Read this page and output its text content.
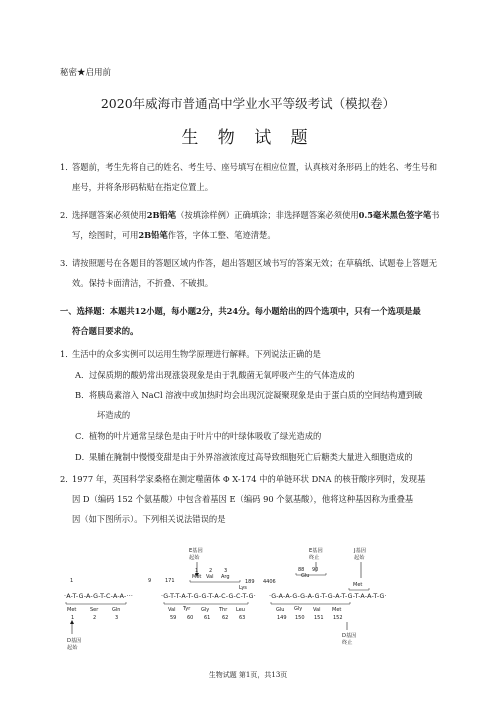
秘密★启用前
2020年威海市普通高中学业水平等级考试（模拟卷）
生 物 试 题
1．
答题前，考生先将自己的姓名、考生号、座号填写在相应位置，认真核对条形码上的姓名、考生号和座号，并将条形码粘贴在指定位置上。
2．
选择题答案必须使用2B铅笔（按填涂样例）正确填涂；非选择题答案必须使用0.5毫米黑色签字笔书写，绘图时，可用2B铅笔作答，字体工整、笔迹清楚。
3．
请按照题号在各题目的答题区域内作答，超出答题区域书写的答案无效；在草稿纸、试题卷上答题无效。保持卡面清洁，不折叠、不破损。
一、选择题：本题共12小题，每小题2分，共24分。每小题给出的四个选项中，只有一个选项是最
符合题目要求的。
1．
生活中的众多实例可以运用生物学原理进行解释。下列说法正确的是
A． 过保质期的酸奶常出现涨袋现象是由于乳酸菌无氧呼吸产生的气体造成的
B． 将胰岛素溶入 NaCl 溶液中或加热时均会出现沉淀凝聚现象是由于蛋白质的空间结构遭到破
坏造成的
C． 植物的叶片通常呈绿色是由于叶片中的叶绿体吸收了绿光造成的
D． 果脯在腌制中慢慢变甜是由于外界溶液浓度过高导致细胞死亡后糖类大量进入细胞造成的
2．
1977 年，英国科学家桑格在测定噬菌体 Φ X-174 中的单链环状 DNA 的核苷酸序列时，发现基
因 D（编码 152 个氨基酸）中包含着基因 E（编码 90 个氨基酸），他将这种基因称为重叠基
因（如下图所示）。下列相关说法错误的是
E基因
起始
E基因
终止
J基因
起始
1	9	171
1 2 3
189
88 90
4406
Met Val Arg
Lys
Glu
Met
·A-T-G-A-G-T-C-A-A-···	·G-T-T-A-T-G-G-T-A-C-G-C-T-G· ·G-A-A-G-G-A-G-T-G-A-T-G-T-A-A-T-G·
Met	Ser	Gln	Val Tyr Gly Thr Leu	Glu Gly Val Met
1	2	3	59 60 61 62 63	149 150 151 152
D基因
起始
D基因
终止
生物试题 第1页，共13页
